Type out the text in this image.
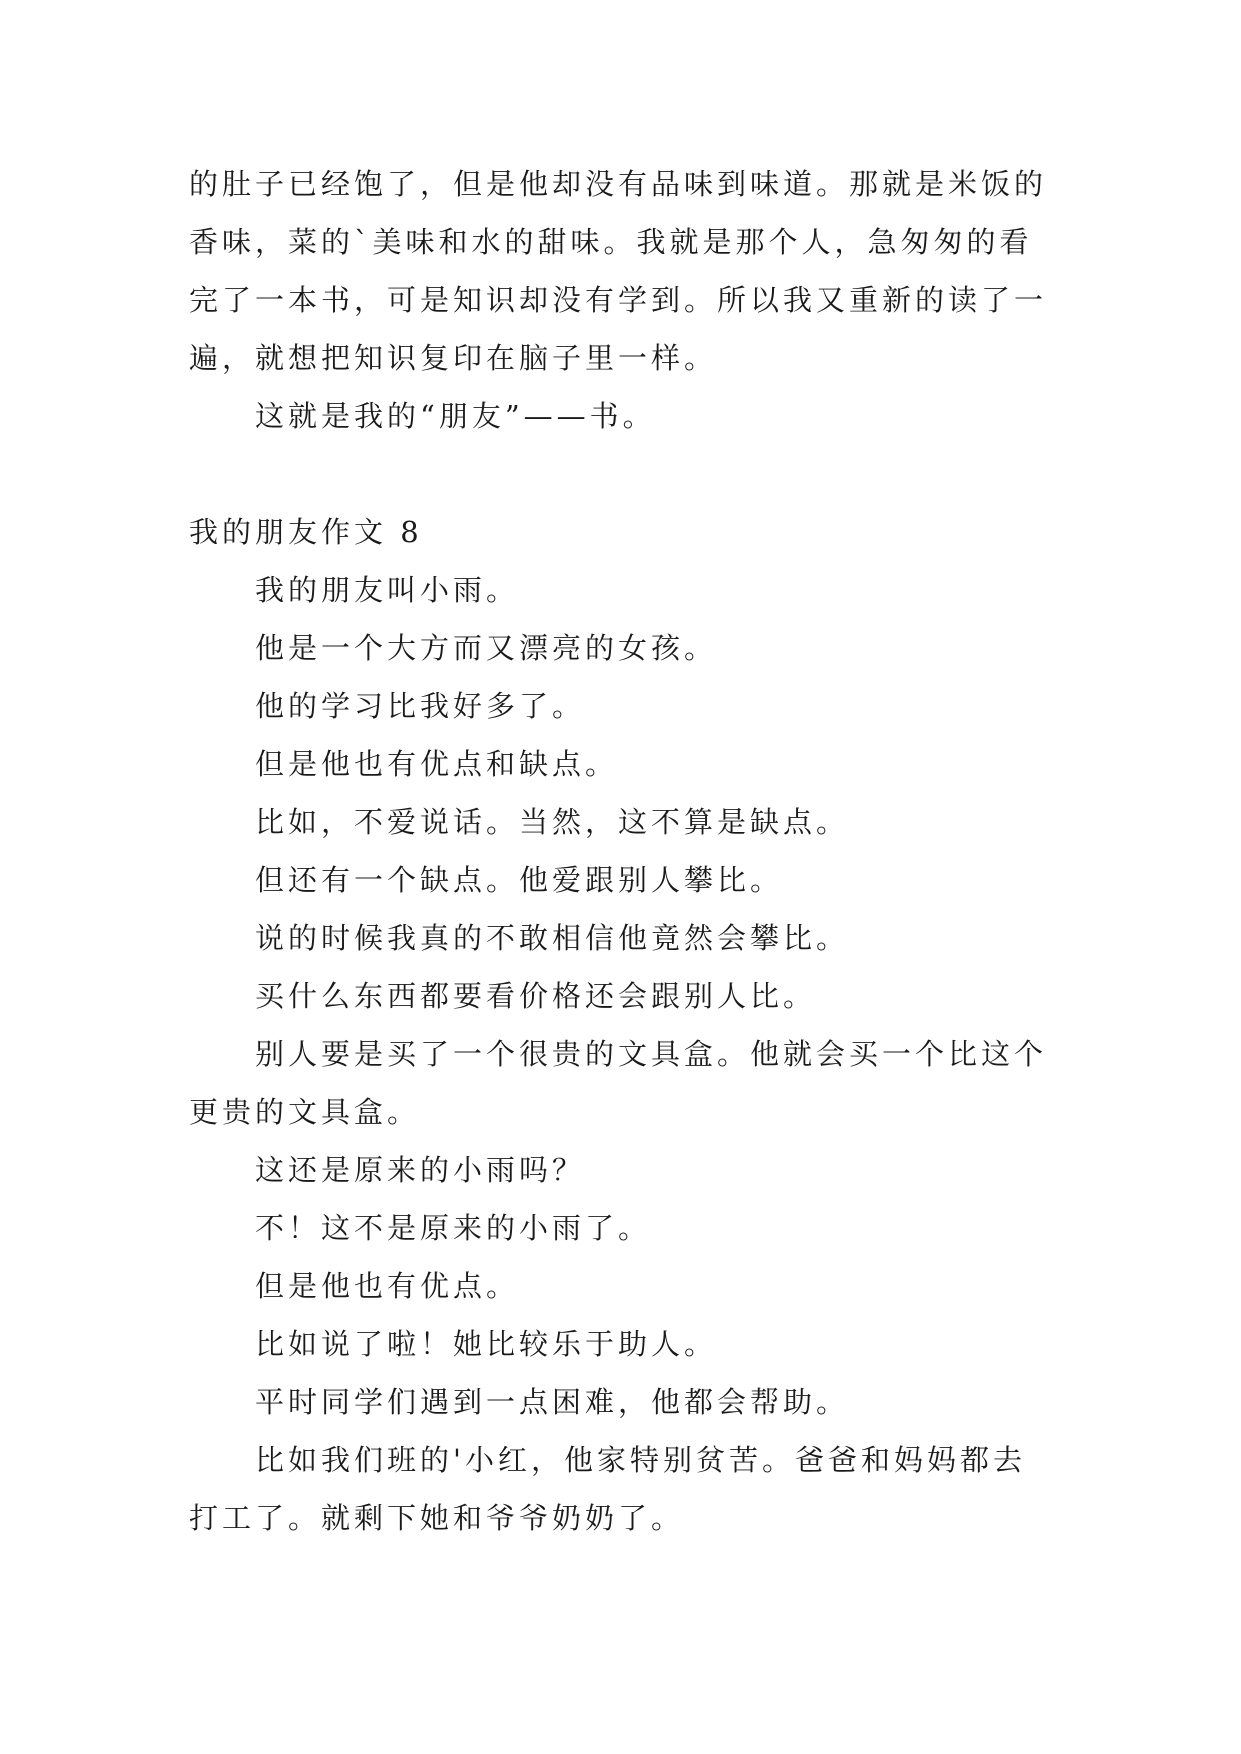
的肚子已经饱了，但是他却没有品味到味道。那就是米饭的
香味，菜的`美味和水的甜味。我就是那个人，急匆匆的看
完了一本书，可是知识却没有学到。所以我又重新的读了一
遍，就想把知识复印在脑子里一样。
这就是我的“朋友”——书。
我的朋友作文 8
我的朋友叫小雨。
他是一个大方而又漂亮的女孩。
他的学习比我好多了。
但是他也有优点和缺点。
比如，不爱说话。当然，这不算是缺点。
但还有一个缺点。他爱跟别人攀比。
说的时候我真的不敢相信他竟然会攀比。
买什么东西都要看价格还会跟别人比。
别人要是买了一个很贵的文具盒。他就会买一个比这个
更贵的文具盒。
这还是原来的小雨吗？
不！这不是原来的小雨了。
但是他也有优点。
比如说了啦！她比较乐于助人。
平时同学们遇到一点困难，他都会帮助。
比如我们班的'小红，他家特别贫苦。爸爸和妈妈都去
打工了。就剩下她和爷爷奶奶了。
